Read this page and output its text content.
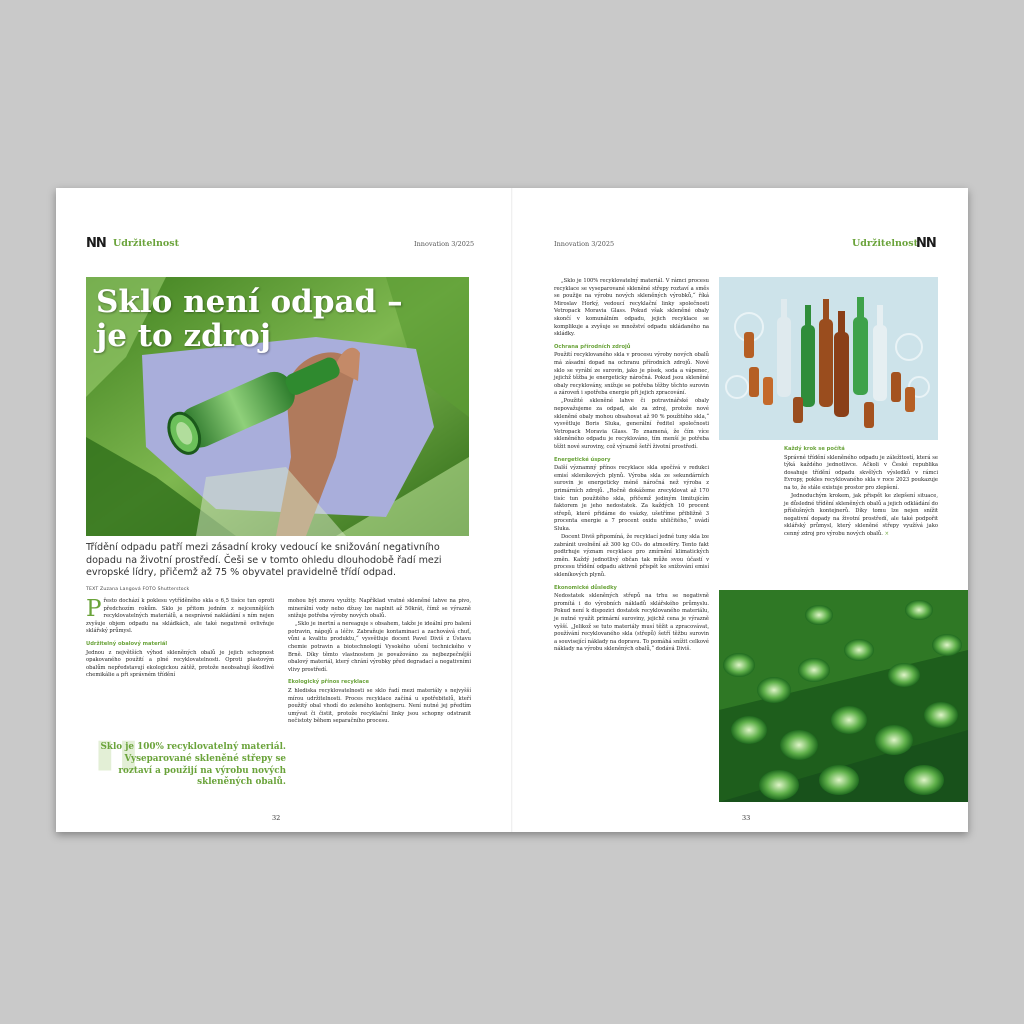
NN Udržitelnost	Innovation 3/2025	Innovation 3/2025	Udržitelnost
NN
Sklo není odpad –
je to zdroj
Třídění odpadu patří mezi zásadní kroky vedoucí ke snižování negativního dopadu na životní prostředí. Češi se v tomto ohledu dlouhodobě řadí mezi evropské lídry, přičemž až 75 % obyvatel pravidelně třídí odpad.
TEXT Zuzana Langová FOTO Shutterstock

Přesto dochází k poklesu vytříděného skla o 6,5 tisíce tun oproti předchozím rokům. Sklo je přitom jedním z nejcennějších recyklovatelných materiálů, a nesprávné nakládání s ním nejen zvyšuje objem odpadu na skládkách, ale také negativně ovlivňuje sklářský průmysl.

Udržitelný obalový materiál

Jednou z největších výhod skleněných obalů je jejich schopnost opakovaného použití a plné recyklovatelnosti. Oproti plastovým obalům nepředstavují ekologickou zátěž, protože neobsahují škodlivé chemikálie a při správném třídění

"
Sklo je 100% recyklovatelný materiál. Vyseparované skleněné střepy se roztaví a použijí na výrobu nových skleněných obalů.

mohou být znovu využity. Například vratné skleněné lahve na pivo, minerální vody nebo džusy lze naplnit až 50krát, čímž se výrazně snižuje potřeba výroby nových obalů.

„Sklo je inertní a nereaguje s obsahem, takže je ideální pro balení potravin, nápojů a léčiv. Zabraňuje kontaminaci a zachovává chuť, vůni a kvalitu produktu,“ vysvětluje docent Pavel Diviš z Ústavu chemie potravin a biotechnologií Vysokého učení technického v Brně. Díky těmto vlastnostem je považováno za nejbezpečnější obalový materiál, který chrání výrobky před degradací a negativními vlivy prostředí.

Ekologický přínos recyklace

Z hlediska recyklovatelnosti se sklo řadí mezi materiály s nejvyšší mírou udržitelnosti. Proces recyklace začíná u spotřebitelů, kteří použitý obal vhodí do zeleného kontejneru. Není nutné jej předtím umývat či čistit, protože recyklační linky jsou schopny odstranit nečistoty během separačního procesu.

32

„Sklo je 100% recyklovatelný materiál. V rámci procesu recyklace se vyseparované skleněné střepy roztaví a směs se použije na výrobu nových skleněných výrobků,“ říká Miroslav Horký, vedoucí recyklační linky společnosti Vetropack Moravia Glass. Pokud však skleněné obaly skončí v komunálním odpadu, jejich recyklace se komplikuje a zvyšuje se množství odpadu ukládaného na skládky.

Ochrana přírodních zdrojů

Použití recyklovaného skla v procesu výroby nových obalů má zásadní dopad na ochranu přírodních zdrojů. Nové sklo se vyrábí ze surovin, jako je písek, soda a vápenec, jejichž těžba je energeticky náročná. Pokud jsou skleněné obaly recyklovány, snižuje se potřeba těžby těchto surovin a zároveň i spotřeba energie při jejich zpracování.

„Použité skleněné lahve či potravinářské obaly nepovažujeme za odpad, ale za zdroj, protože nové skleněné obaly mohou obsahovat až 90 % použitého skla,“ vysvětluje Boris Sluka, generální ředitel společnosti Vetropack Moravia Glass. To znamená, že čím více skleněného odpadu je recyklováno, tím menší je potřeba těžit nové suroviny, což výrazně šetří životní prostředí.

Energetické úspory

Další významný přínos recyklace skla spočívá v redukci emisí skleníkových plynů. Výroba skla ze sekundárních surovin je energeticky méně náročná než výroba z primárních zdrojů. „Ročně dokážeme zrecyklovat až 170 tisíc tun použitého skla, přičemž jediným limitujícím faktorem je jeho nedostatek. Za každých 10 procent střepů, které přidáme do vsázky, ušetříme přibližně 3 procenta energie a 7 procent oxidu uhličitého,“ uvádí Sluka.

Docent Diviš připomíná, že recyklací jedné tuny skla lze zabránit uvolnění až 300 kg CO₂ do atmosféry. Tento fakt podtrhuje význam recyklace pro zmírnění klimatických změn. Každý jednotlivý občan tak může svou účastí v procesu třídění odpadu aktivně přispět ke snižování emisí skleníkových plynů.

Ekonomické důsledky

Nedostatek skleněných střepů na trhu se negativně promítá i do výrobních nákladů sklářského průmyslu. Pokud není k dispozici dostatek recyklovaného materiálu, je nutné využít primární suroviny, jejichž cena je výrazně vyšší. „Jelikož se tuto materiály musí těžit a zpracovávat, používání recyklovaného skla (střepů) šetří těžbu surovin a související náklady na dopravu. To pomáhá snížit celkové náklady na výrobu skleněných obalů,“ dodává Diviš.

Každý krok se počítá

Správné třídění skleněného odpadu je záležitostí, která se týká každého jednotlivce. Ačkoli v České republika dosahuje třídění odpadu skvělých výsledků v rámci Evropy, pokles recyklovaného skla v roce 2023 poukazuje na to, že stále existuje prostor pro zlepšení.

Jednoduchým krokem, jak přispět ke zlepšení situace, je důsledné třídění skleněných obalů a jejich odkládání do příslušných kontejnerů. Díky tomu lze nejen snížit negativní dopady na životní prostředí, ale také podpořit sklářský průmysl, který skleněné střepy využívá jako cenný zdroj pro výrobu nových obalů. ×

33
